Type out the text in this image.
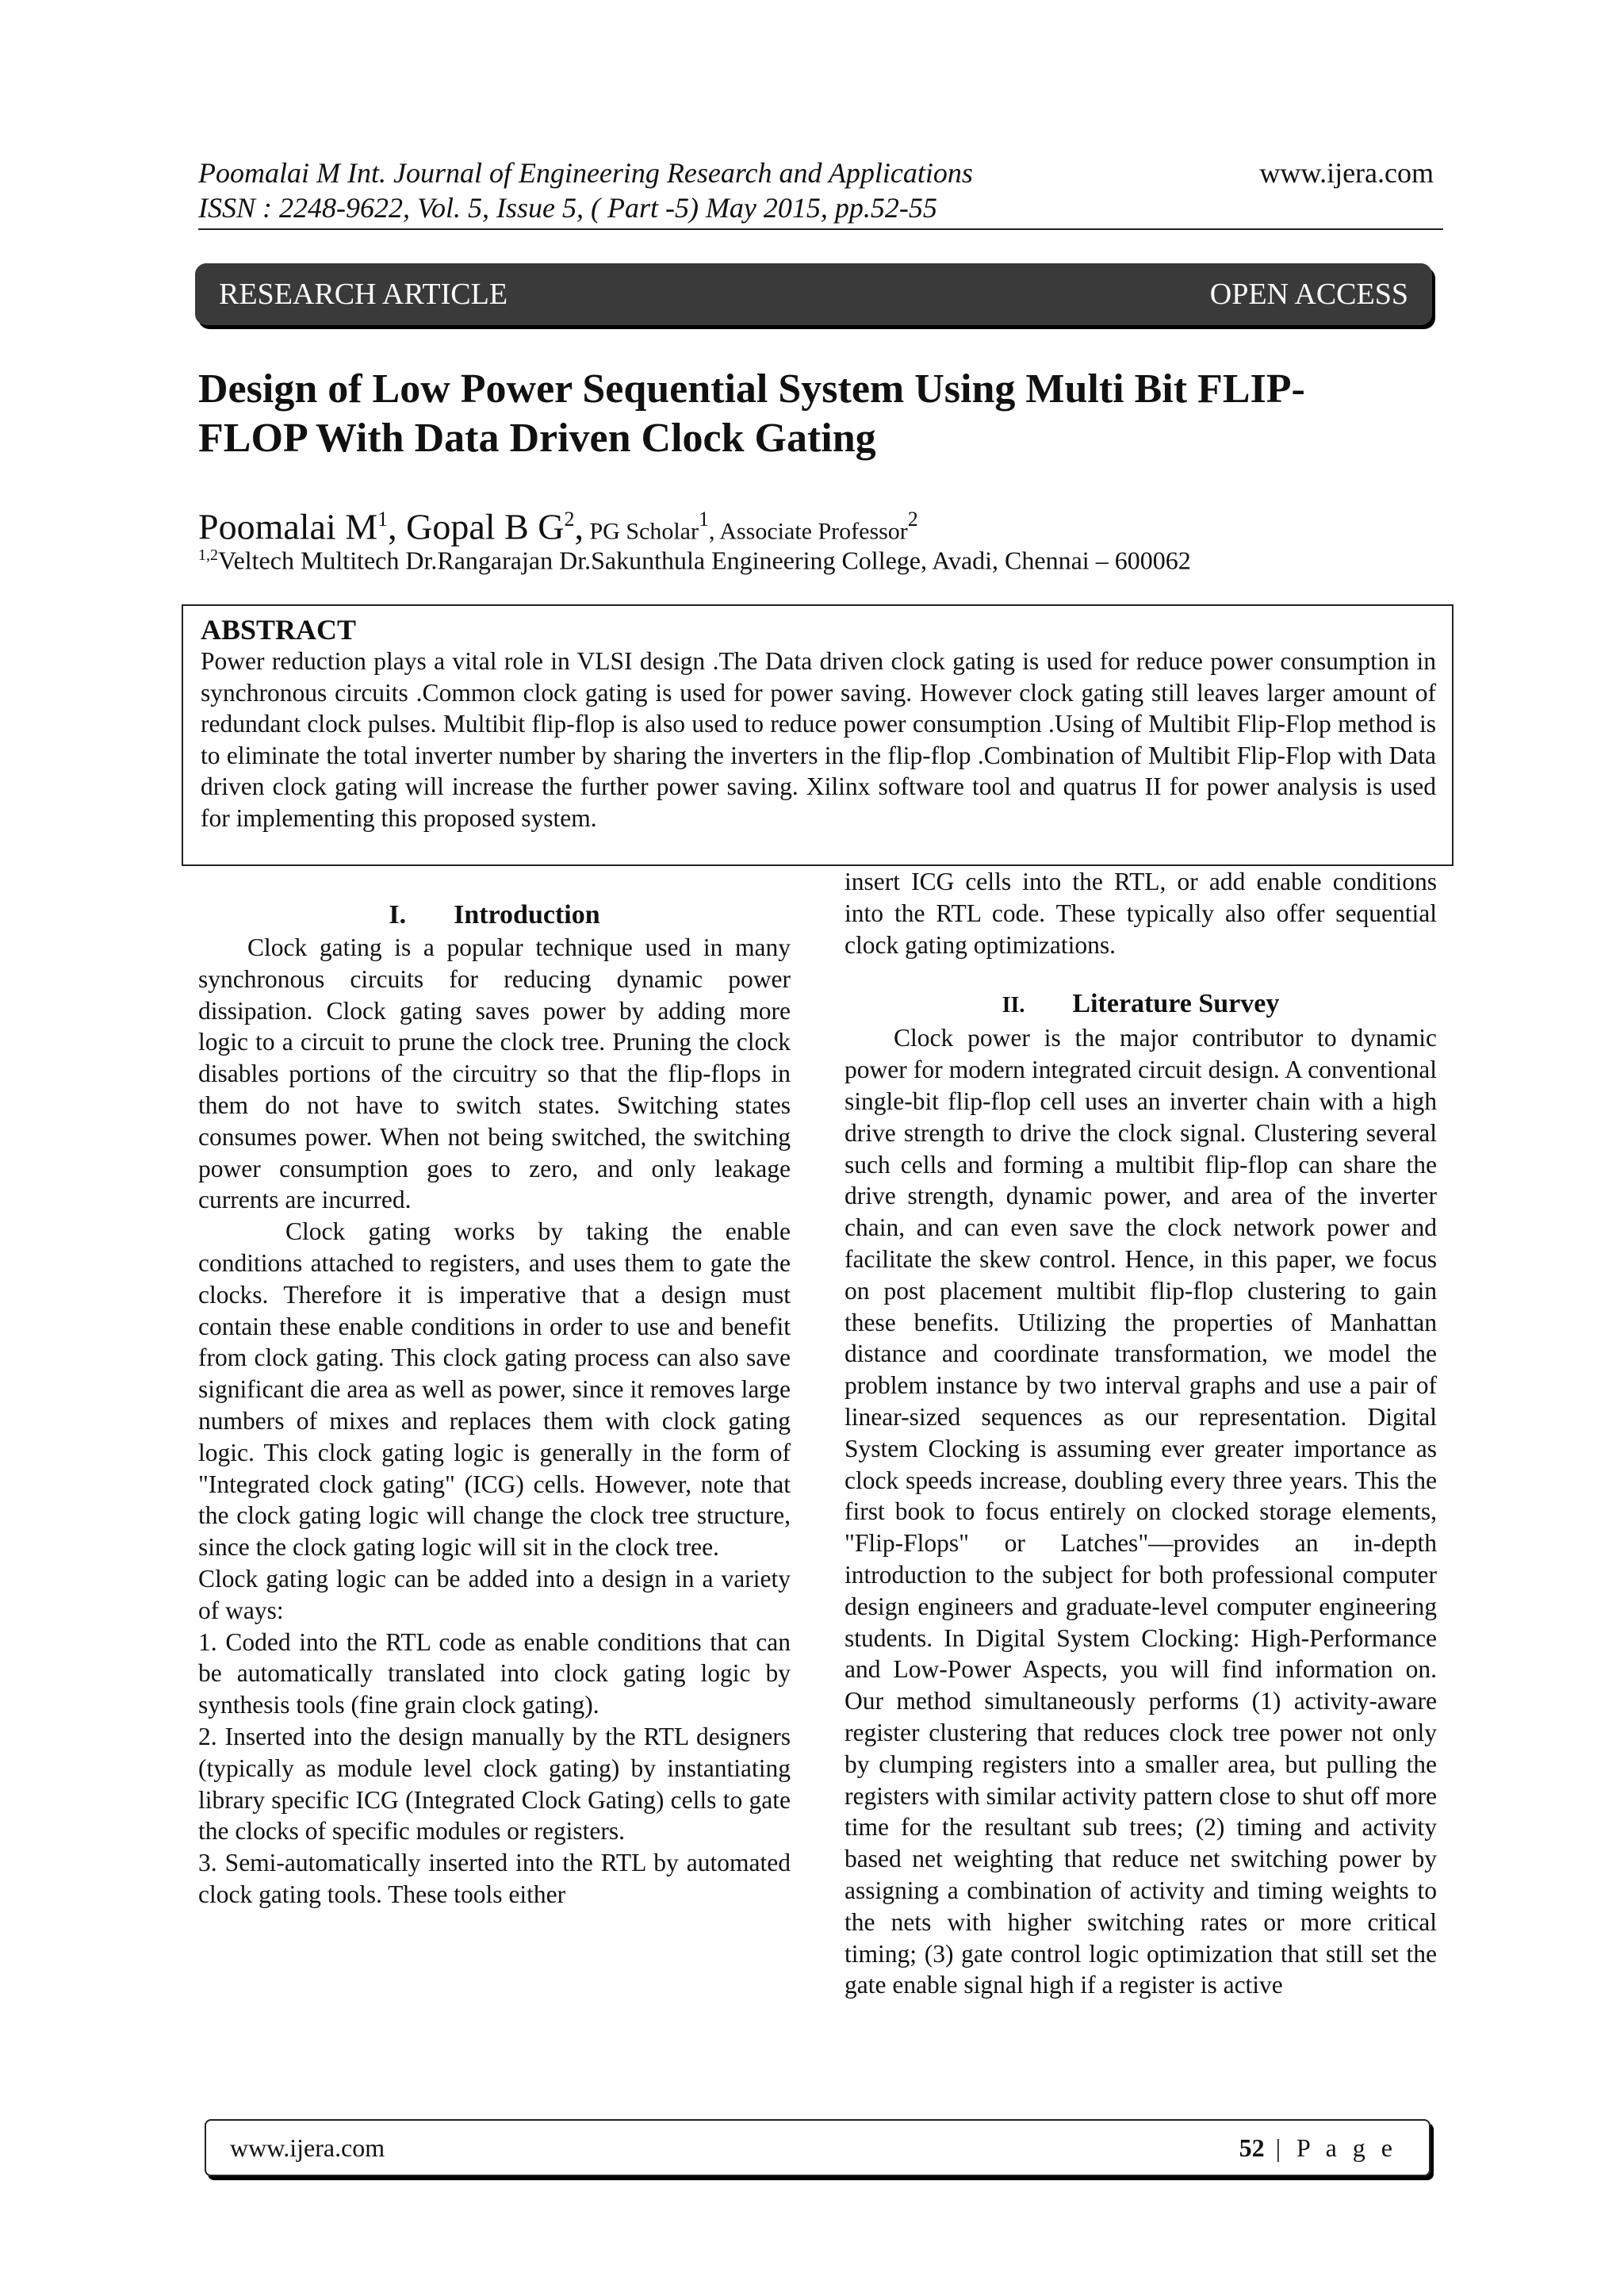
Poomalai M Int. Journal of Engineering Research and Applications
ISSN : 2248-9622, Vol. 5, Issue 5, ( Part -5) May 2015, pp.52-55
www.ijera.com
RESEARCH ARTICLE	OPEN ACCESS
Design of Low Power Sequential System Using Multi Bit FLIP-
FLOP With Data Driven Clock Gating
Poomalai $M^1$, Gopal B $G^2$, PG Scholar$^1$, Associate Professor$^2$
$^{1,2}$Veltech Multitech Dr.Rangarajan Dr.Sakunthula Engineering College, Avadi, Chennai – 600062
ABSTRACT

Power reduction plays a vital role in VLSI design .The Data driven clock gating is used for reduce power consumption in synchronous circuits .Common clock gating is used for power saving. However clock gating still leaves larger amount of redundant clock pulses. Multibit flip-flop is also used to reduce power consumption .Using of Multibit Flip-Flop method is to eliminate the total inverter number by sharing the inverters in the flip-flop .Combination of Multibit Flip-Flop with Data driven clock gating will increase the further power saving. Xilinx software tool and quatrus II for power analysis is used for implementing this proposed system.

I. Introduction

Clock gating is a popular technique used in many synchronous circuits for reducing dynamic power dissipation. Clock gating saves power by adding more logic to a circuit to prune the clock tree. Pruning the clock disables portions of the circuitry so that the flip-flops in them do not have to switch states. Switching states consumes power. When not being switched, the switching power consumption goes to zero, and only leakage currents are incurred.

Clock gating works by taking the enable conditions attached to registers, and uses them to gate the clocks. Therefore it is imperative that a design must contain these enable conditions in order to use and benefit from clock gating. This clock gating process can also save significant die area as well as power, since it removes large numbers of mixes and replaces them with clock gating logic. This clock gating logic is generally in the form of "Integrated clock gating" (ICG) cells. However, note that the clock gating logic will change the clock tree structure, since the clock gating logic will sit in the clock tree.

Clock gating logic can be added into a design in a variety of ways:

1. Coded into the RTL code as enable conditions that can be automatically translated into clock gating logic by synthesis tools (fine grain clock gating).

2. Inserted into the design manually by the RTL designers (typically as module level clock gating) by instantiating library specific ICG (Integrated Clock Gating) cells to gate the clocks of specific modules or registers.

3. Semi-automatically inserted into the RTL by automated clock gating tools. These tools either

insert ICG cells into the RTL, or add enable conditions into the RTL code. These typically also offer sequential clock gating optimizations.

II. Literature Survey

Clock power is the major contributor to dynamic power for modern integrated circuit design. A conventional single-bit flip-flop cell uses an inverter chain with a high drive strength to drive the clock signal. Clustering several such cells and forming a multibit flip-flop can share the drive strength, dynamic power, and area of the inverter chain, and can even save the clock network power and facilitate the skew control. Hence, in this paper, we focus on post placement multibit flip-flop clustering to gain these benefits. Utilizing the properties of Manhattan distance and coordinate transformation, we model the problem instance by two interval graphs and use a pair of linear-sized sequences as our representation. Digital System Clocking is assuming ever greater importance as clock speeds increase, doubling every three years. This the first book to focus entirely on clocked storage elements, "Flip-Flops" or Latches"—provides an in-depth introduction to the subject for both professional computer design engineers and graduate-level computer engineering students. In Digital System Clocking: High-Performance and Low-Power Aspects, you will find information on. Our method simultaneously performs (1) activity-aware register clustering that reduces clock tree power not only by clumping registers into a smaller area, but pulling the registers with similar activity pattern close to shut off more time for the resultant sub trees; (2) timing and activity based net weighting that reduce net switching power by assigning a combination of activity and timing weights to the nets with higher switching rates or more critical timing; (3) gate control logic optimization that still set the gate enable signal high if a register is active

www.ijera.com	52 | P a g e
